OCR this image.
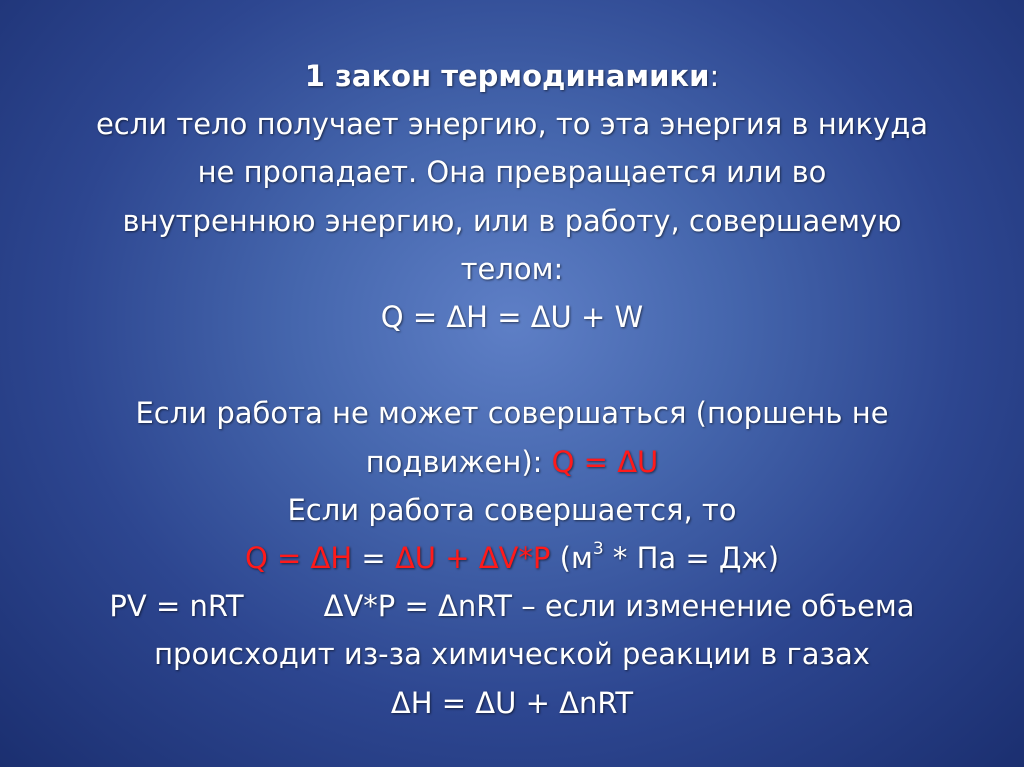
1 закон термодинамики:
если тело получает энергию, то эта энергия в никуда
не пропадает. Она превращается или во
внутреннюю энергию, или в работу, совершаемую
телом:
Q = ΔH = ΔU + W
Если работа не может совершаться (поршень не
подвижен): Q = ΔU
Если работа совершается, то
Q = ΔH = ΔU + ΔV*P ($м^3$ * Па = Дж)
PV = nRT	ΔV*P = ΔnRT – если изменение объема
происходит из-за химической реакции в газах
ΔH = ΔU + ΔnRT
